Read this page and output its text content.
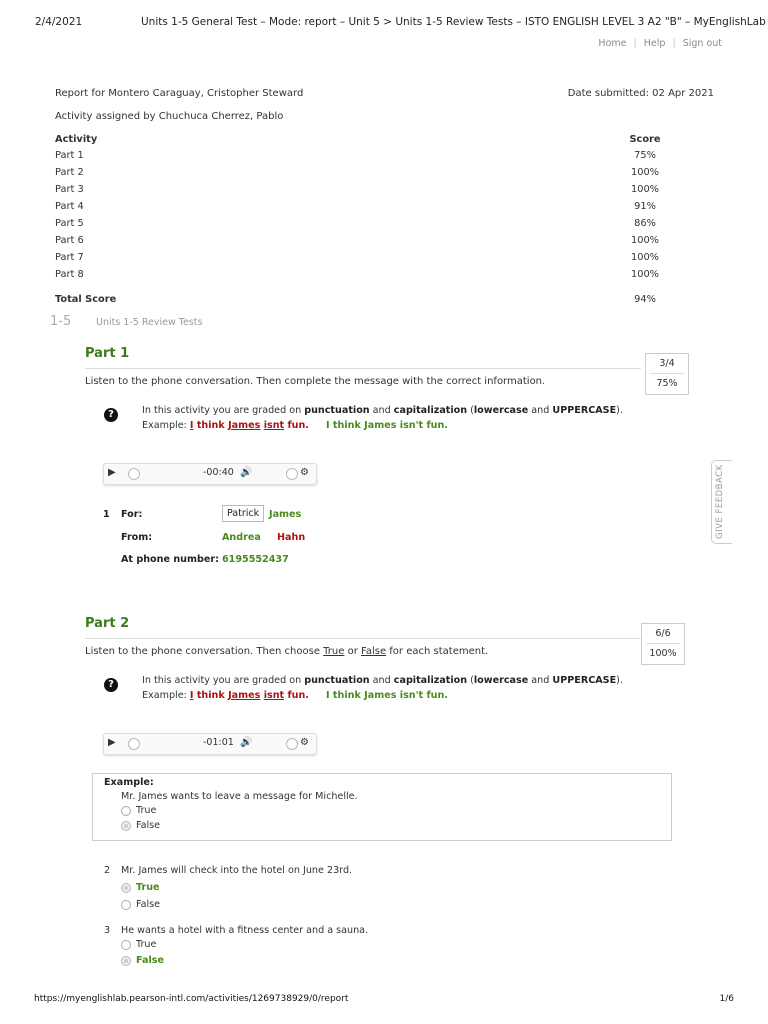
2/4/2021	Units 1-5 General Test – Mode: report – Unit 5 > Units 1-5 Review Tests – ISTO ENGLISH LEVEL 3 A2 "B" – MyEnglishLab
Home | Help | Sign out
Report for Montero Caraguay, Cristopher Steward	Date submitted: 02 Apr 2021
Activity assigned by Chuchuca Cherrez, Pablo
Activity	Score
Part 1	75%
Part 2	100%
Part 3	100%
Part 4	91%
Part 5	86%
Part 6	100%
Part 7	100%
Part 8	100%
Total Score	94%
1-5	Units 1-5 Review Tests
Part 1
3/4
75%
Listen to the phone conversation. Then complete the message with the correct information.
?	In this activity you are graded on punctuation and capitalization (lowercase and UPPERCASE).
Example: I think James isnt fun. I think James isn't fun.
▶	-00:40 🔊	⚙
1 For:	Patrick	James
From:	Andrea Hahn
At phone number: 6195552437
Part 2
6/6
100%
Listen to the phone conversation. Then choose True or False for each statement.
?	In this activity you are graded on punctuation and capitalization (lowercase and UPPERCASE).
Example: I think James isnt fun. I think James isn't fun.
▶	-01:01 🔊	⚙
Example:
Mr. James wants to leave a message for Michelle.
True
False
2 Mr. James will check into the hotel on June 23rd.
True
False
3 He wants a hotel with a fitness center and a sauna.
True
False
GIVE FEEDBACK
https://myenglishlab.pearson-intl.com/activities/1269738929/0/report	1/6
